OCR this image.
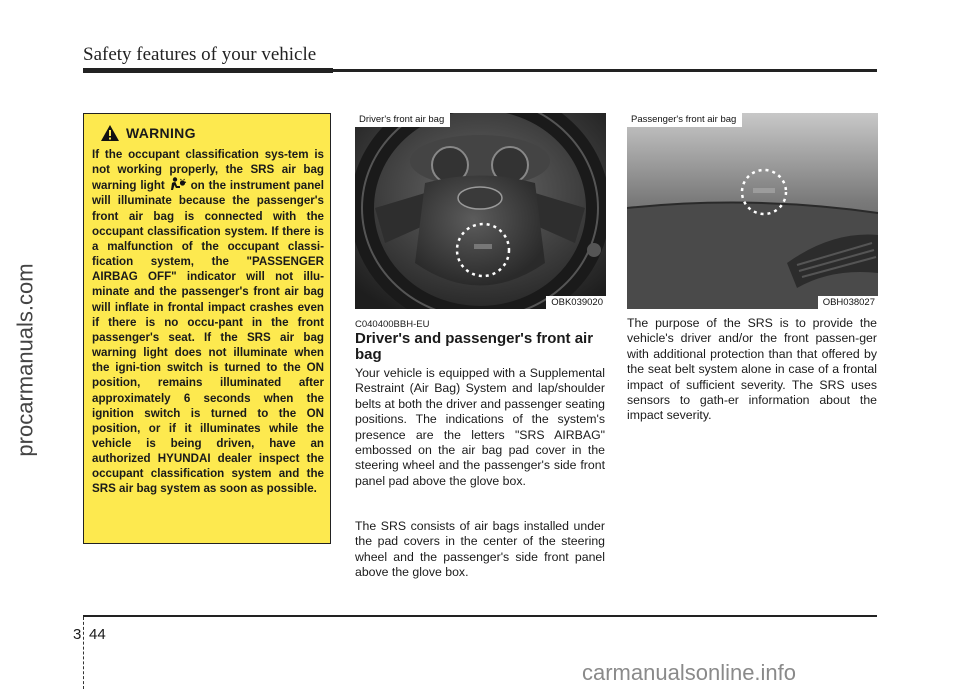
Safety features of your vehicle
procarmanuals.com
WARNING
If the occupant classification sys-tem is not working properly, the SRS air bag warning light on the instrument panel will illuminate because the passenger's front air bag is connected with the occupant classification system. If there is a malfunction of the occupant classi-fication system, the "PASSENGER AIRBAG OFF" indicator will not illu-minate and the passenger's front air bag will inflate in frontal impact crashes even if there is no occu-pant in the front passenger's seat. If the SRS air bag warning light does not illuminate when the igni-tion switch is turned to the ON position, remains illuminated after approximately 6 seconds when the ignition switch is turned to the ON position, or if it illuminates while the vehicle is being driven, have an authorized HYUNDAI dealer inspect the occupant classification system and the SRS air bag system as soon as possible.
Driver's front air bag
OBK039020
Passenger's front air bag
OBH038027
C040400BBH-EU
Driver's and passenger's front air bag
Your vehicle is equipped with a Supplemental Restraint (Air Bag) System and lap/shoulder belts at both the driver and passenger seating positions. The indications of the system's presence are the letters "SRS AIRBAG" embossed on the air bag pad cover in the steering wheel and the passenger's side front panel pad above the glove box.
The SRS consists of air bags installed under the pad covers in the center of the steering wheel and the passenger's side front panel above the glove box.
The purpose of the SRS is to provide the vehicle's driver and/or the front passen-ger with additional protection than that offered by the seat belt system alone in case of a frontal impact of sufficient severity. The SRS uses sensors to gath-er information about the impact severity.
3 44
carmanualsonline.info
